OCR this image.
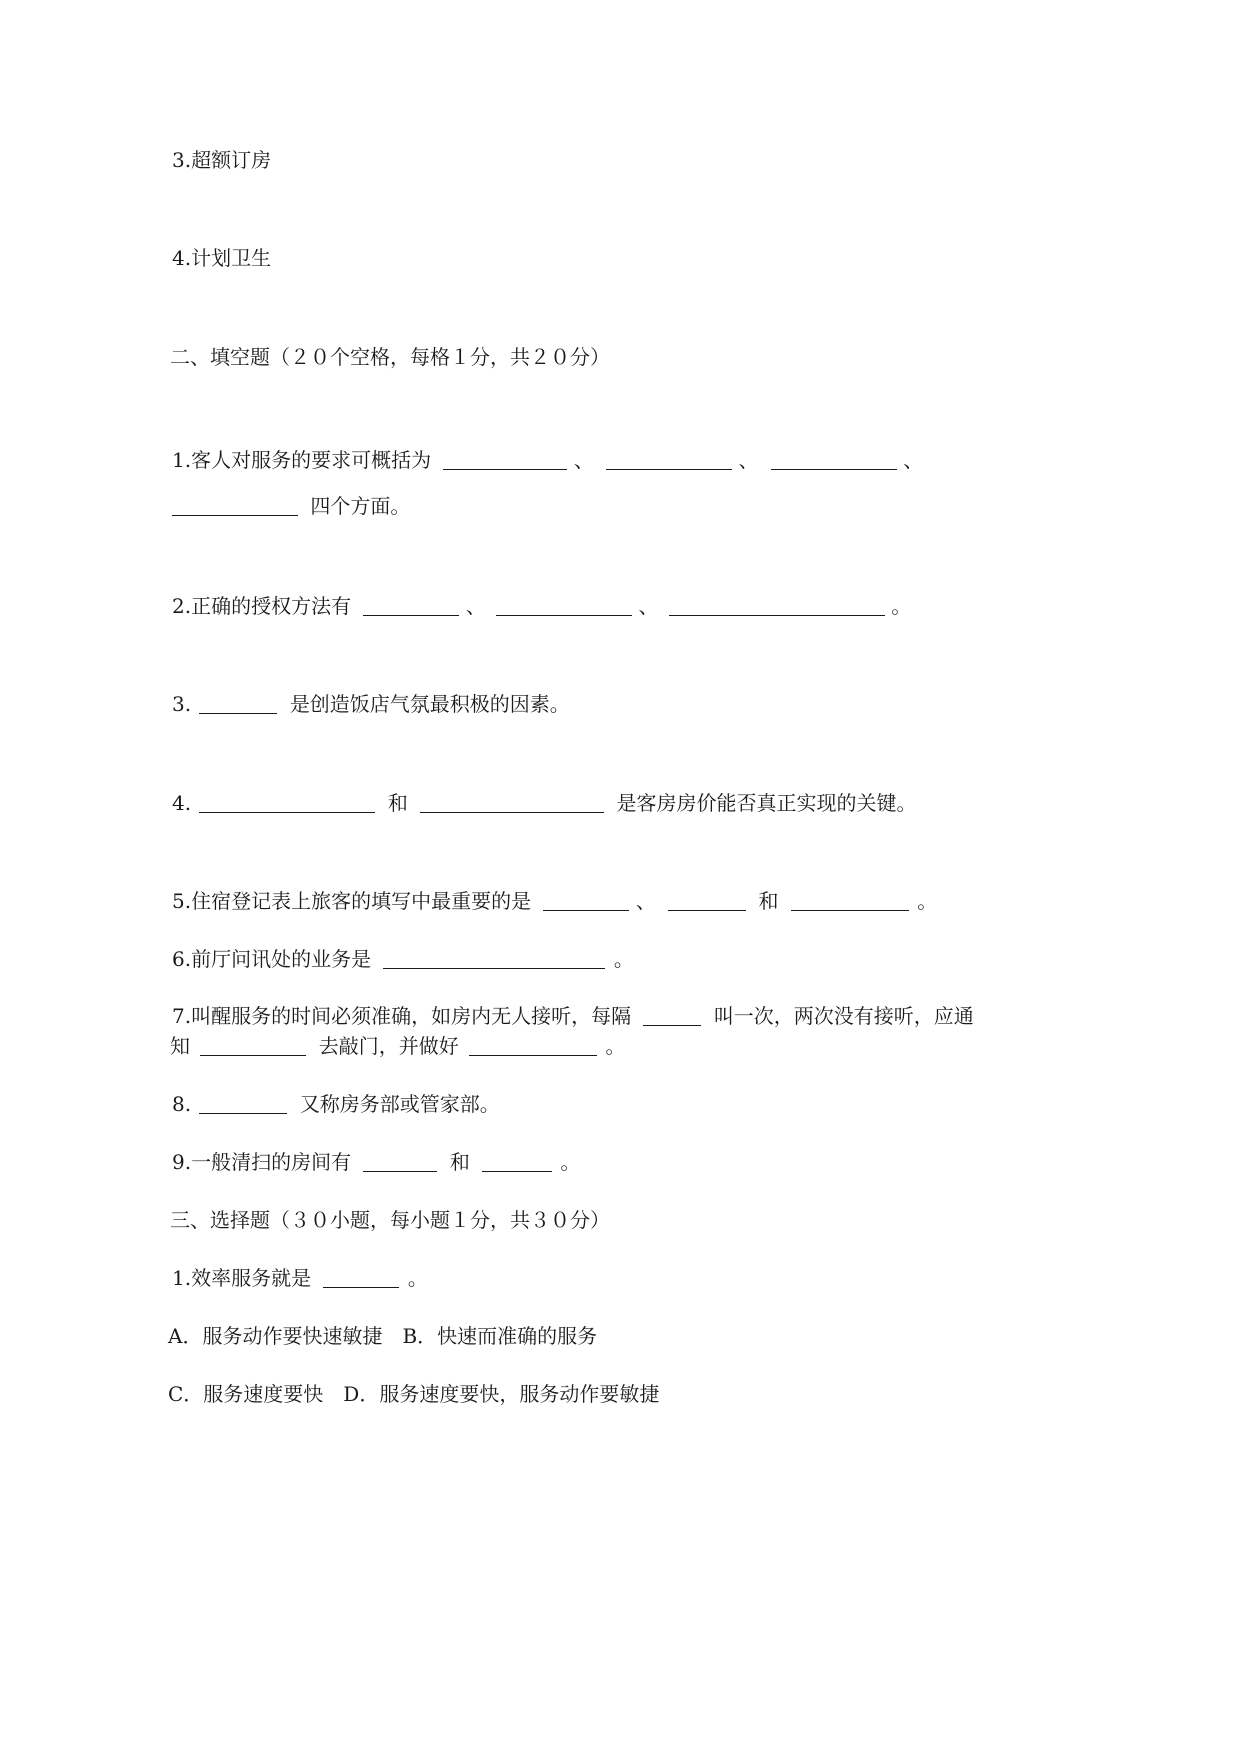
3.超额订房
4.计划卫生
二、填空题（２０个空格，每格１分，共２０分）
1.客人对服务的要求可概括为	、	、	、
四个方面。
2.正确的授权方法有	、	、	。
3.	是创造饭店气氛最积极的因素。
4.	和	是客房房价能否真正实现的关键。
5.住宿登记表上旅客的填写中最重要的是	、	和	。
6.前厅问讯处的业务是	。
7.叫醒服务的时间必须准确，如房内无人接听，每隔	叫一次，两次没有接听，应通
知	去敲门，并做好	。
8.	又称房务部或管家部。
9.一般清扫的房间有	和	。
三、选择题（３０小题，每小题１分，共３０分）
1.效率服务就是	。
A．服务动作要快速敏捷　B．快速而准确的服务
C．服务速度要快　D．服务速度要快，服务动作要敏捷
